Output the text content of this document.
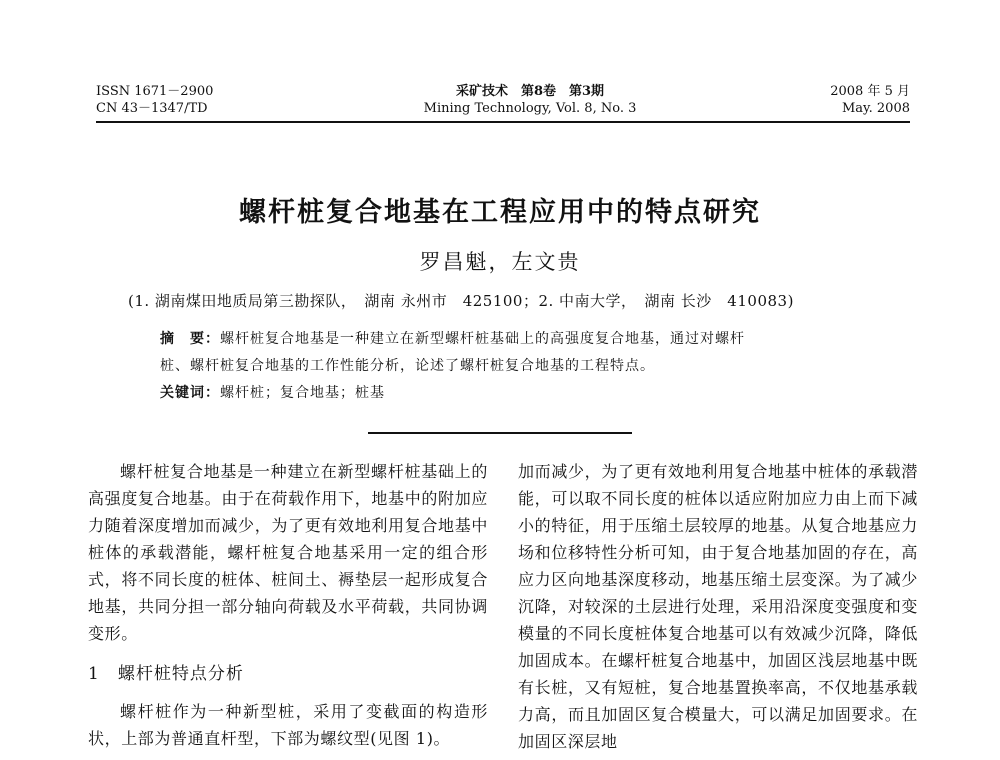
ISSN 1671－2900
CN 43－1347/TD
采矿技术　第8卷　第3期
Mining Technology, Vol. 8, No. 3
2008 年 5 月
May. 2008
螺杆桩复合地基在工程应用中的特点研究
罗昌魁，左文贵
(1. 湖南煤田地质局第三勘探队，　湖南 永州市　425100；2. 中南大学，　湖南 长沙　410083)
摘　要：螺杆桩复合地基是一种建立在新型螺杆桩基础上的高强度复合地基，通过对螺杆
桩、螺杆桩复合地基的工作性能分析，论述了螺杆桩复合地基的工程特点。
关键词：螺杆桩；复合地基；桩基

螺杆桩复合地基是一种建立在新型螺杆桩基础上的高强度复合地基。由于在荷载作用下，地基中的附加应力随着深度增加而减少，为了更有效地利用复合地基中桩体的承载潜能，螺杆桩复合地基采用一定的组合形式，将不同长度的桩体、桩间土、褥垫层一起形成复合地基，共同分担一部分轴向荷载及水平荷载，共同协调变形。

1　螺杆桩特点分析

螺杆桩作为一种新型桩，采用了变截面的构造形状，上部为普通直杆型，下部为螺纹型(见图 1)。

加而减少，为了更有效地利用复合地基中桩体的承载潜能，可以取不同长度的桩体以适应附加应力由上而下减小的特征，用于压缩土层较厚的地基。从复合地基应力场和位移特性分析可知，由于复合地基加固的存在，高应力区向地基深度移动，地基压缩土层变深。为了减少沉降，对较深的土层进行处理，采用沿深度变强度和变模量的不同长度桩体复合地基可以有效减少沉降，降低加固成本。在螺杆桩复合地基中，加固区浅层地基中既有长桩，又有短桩，复合地基置换率高，不仅地基承载力高，而且加固区复合模量大，可以满足加固要求。在加固区深层地
